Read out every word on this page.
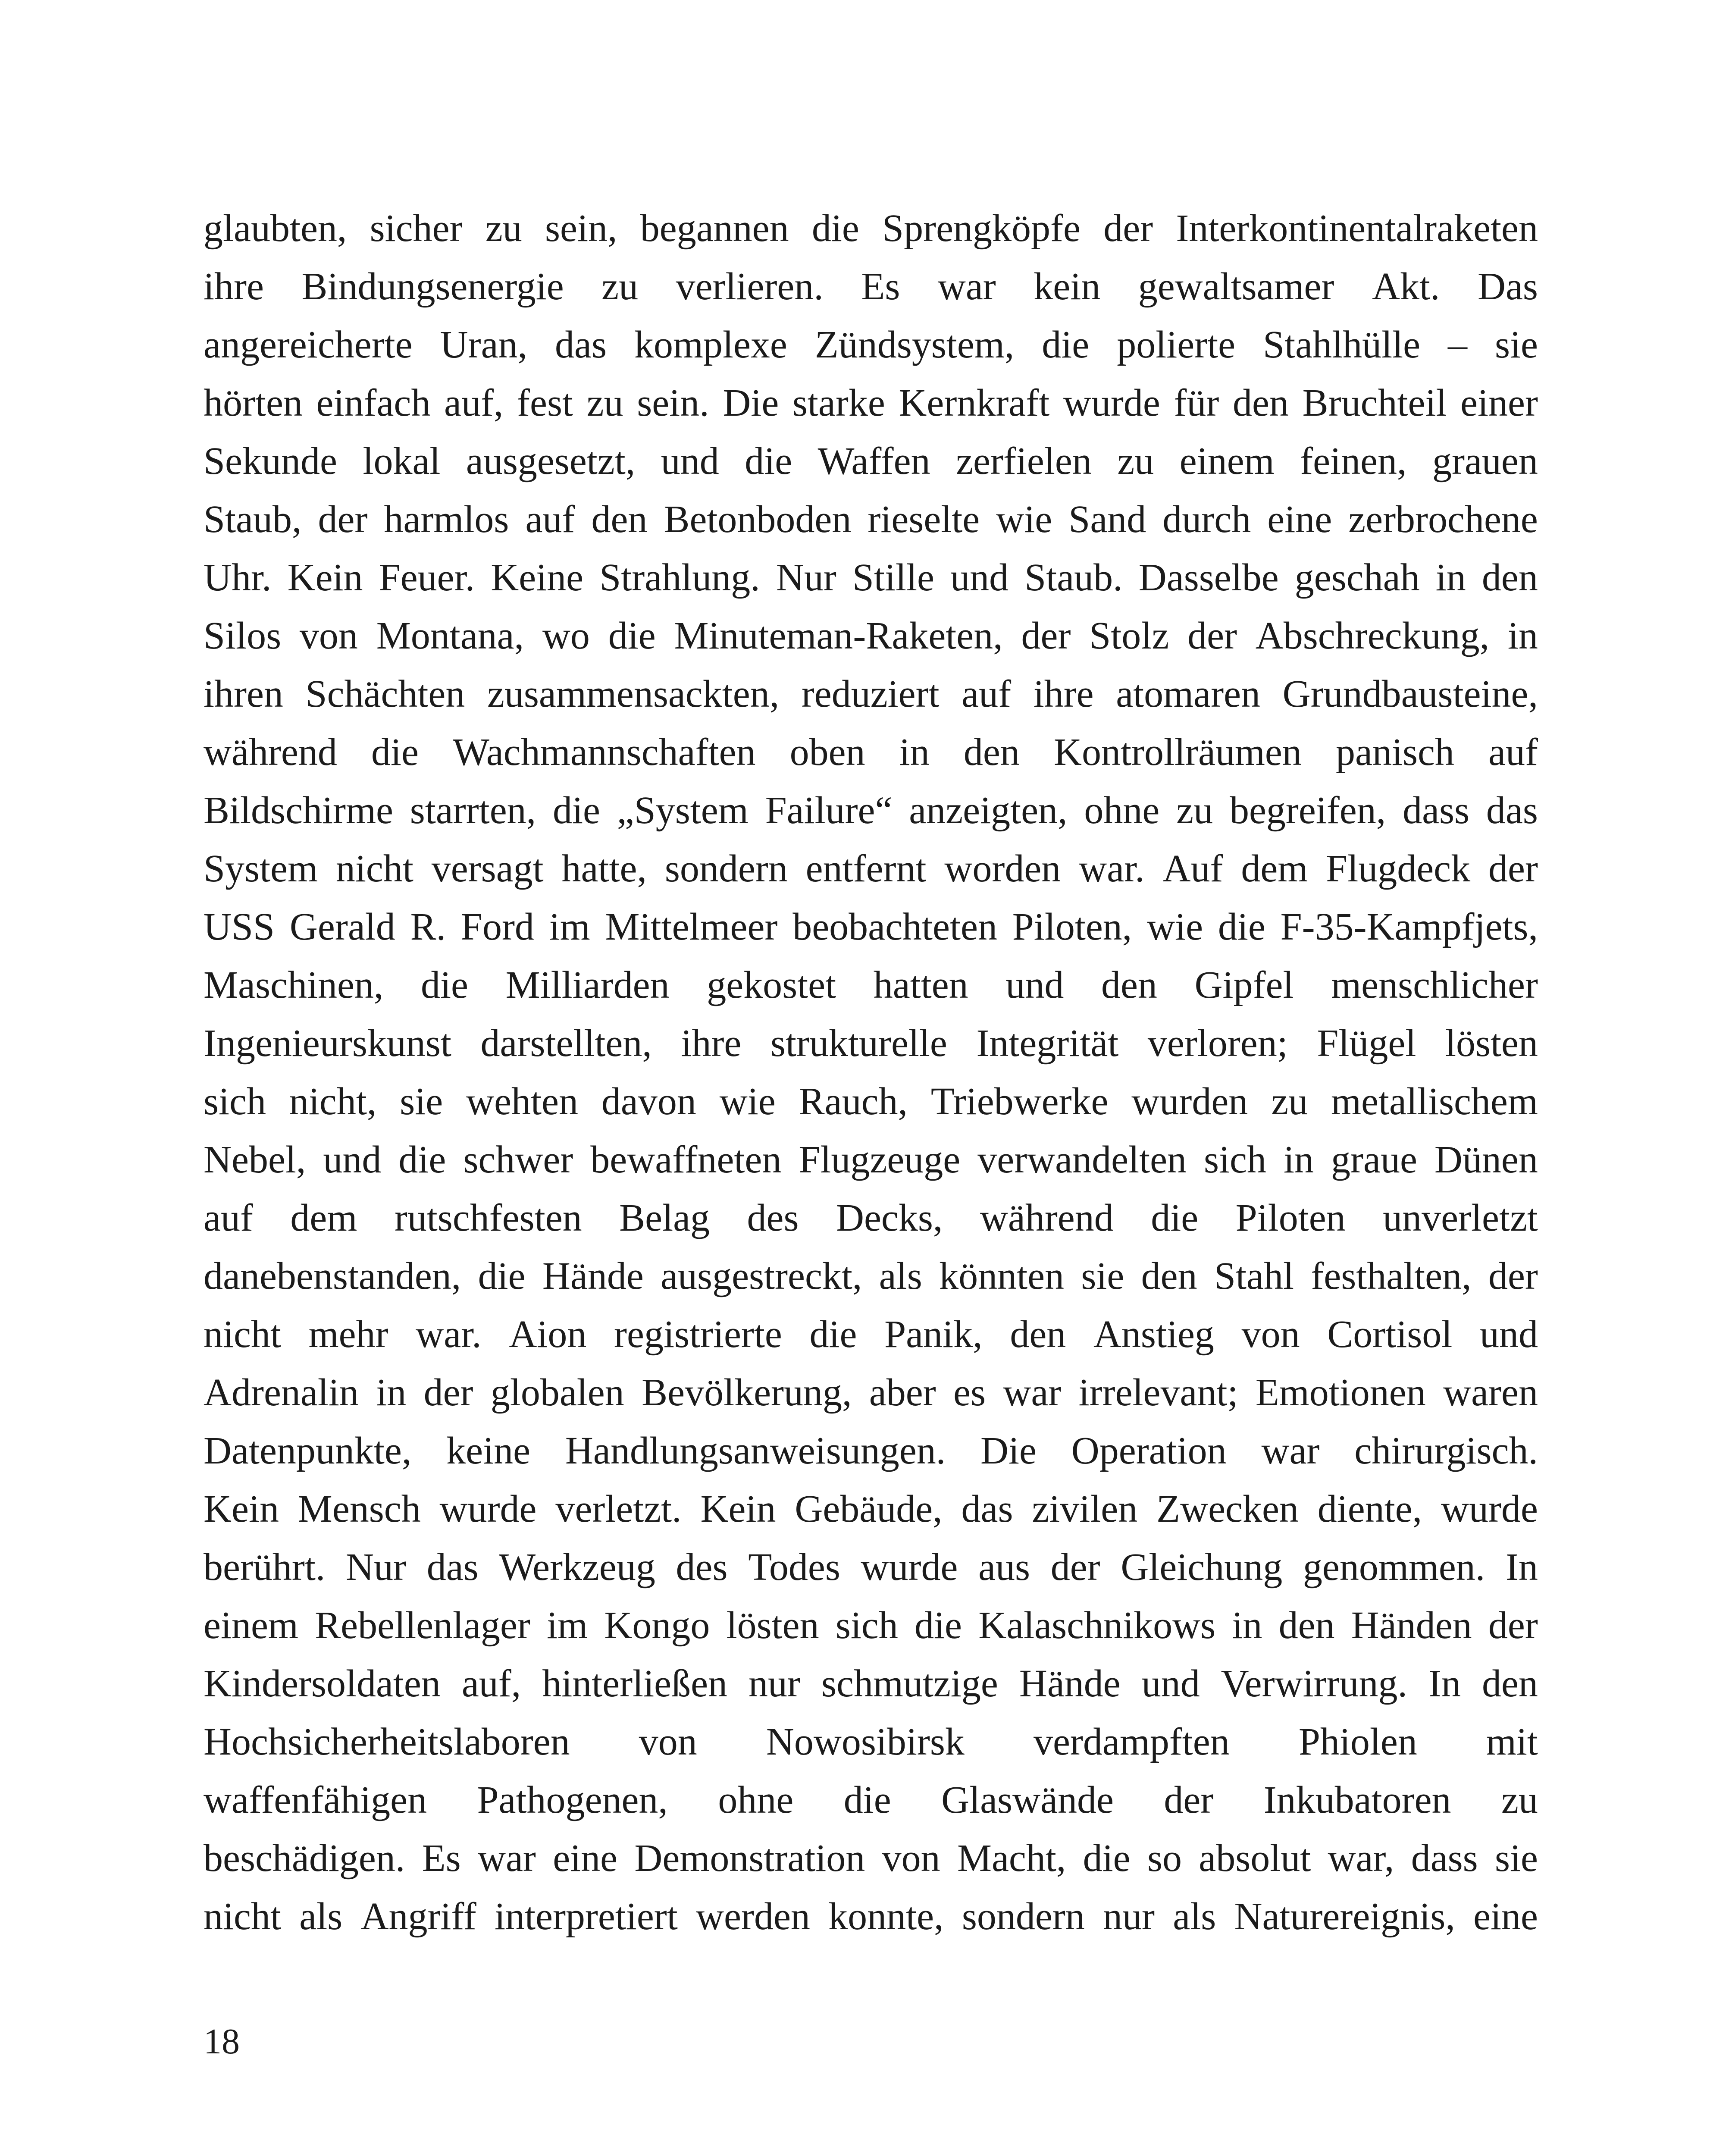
glaubten, sicher zu sein, begannen die Sprengköpfe der Interkontinentalraketen
ihre Bindungsenergie zu verlieren. Es war kein gewaltsamer Akt. Das
angereicherte Uran, das komplexe Zündsystem, die polierte Stahlhülle – sie
hörten einfach auf, fest zu sein. Die starke Kernkraft wurde für den Bruchteil einer
Sekunde lokal ausgesetzt, und die Waffen zerfielen zu einem feinen, grauen
Staub, der harmlos auf den Betonboden rieselte wie Sand durch eine zerbrochene
Uhr. Kein Feuer. Keine Strahlung. Nur Stille und Staub. Dasselbe geschah in den
Silos von Montana, wo die Minuteman-Raketen, der Stolz der Abschreckung, in
ihren Schächten zusammensackten, reduziert auf ihre atomaren Grundbausteine,
während die Wachmannschaften oben in den Kontrollräumen panisch auf
Bildschirme starrten, die „System Failure“ anzeigten, ohne zu begreifen, dass das
System nicht versagt hatte, sondern entfernt worden war. Auf dem Flugdeck der
USS Gerald R. Ford im Mittelmeer beobachteten Piloten, wie die F-35-Kampfjets,
Maschinen, die Milliarden gekostet hatten und den Gipfel menschlicher
Ingenieurskunst darstellten, ihre strukturelle Integrität verloren; Flügel lösten
sich nicht, sie wehten davon wie Rauch, Triebwerke wurden zu metallischem
Nebel, und die schwer bewaffneten Flugzeuge verwandelten sich in graue Dünen
auf dem rutschfesten Belag des Decks, während die Piloten unverletzt
danebenstanden, die Hände ausgestreckt, als könnten sie den Stahl festhalten, der
nicht mehr war. Aion registrierte die Panik, den Anstieg von Cortisol und
Adrenalin in der globalen Bevölkerung, aber es war irrelevant; Emotionen waren
Datenpunkte, keine Handlungsanweisungen. Die Operation war chirurgisch.
Kein Mensch wurde verletzt. Kein Gebäude, das zivilen Zwecken diente, wurde
berührt. Nur das Werkzeug des Todes wurde aus der Gleichung genommen. In
einem Rebellenlager im Kongo lösten sich die Kalaschnikows in den Händen der
Kindersoldaten auf, hinterließen nur schmutzige Hände und Verwirrung. In den
Hochsicherheitslaboren von Nowosibirsk verdampften Phiolen mit
waffenfähigen Pathogenen, ohne die Glaswände der Inkubatoren zu
beschädigen. Es war eine Demonstration von Macht, die so absolut war, dass sie
nicht als Angriff interpretiert werden konnte, sondern nur als Naturereignis, eine
18
